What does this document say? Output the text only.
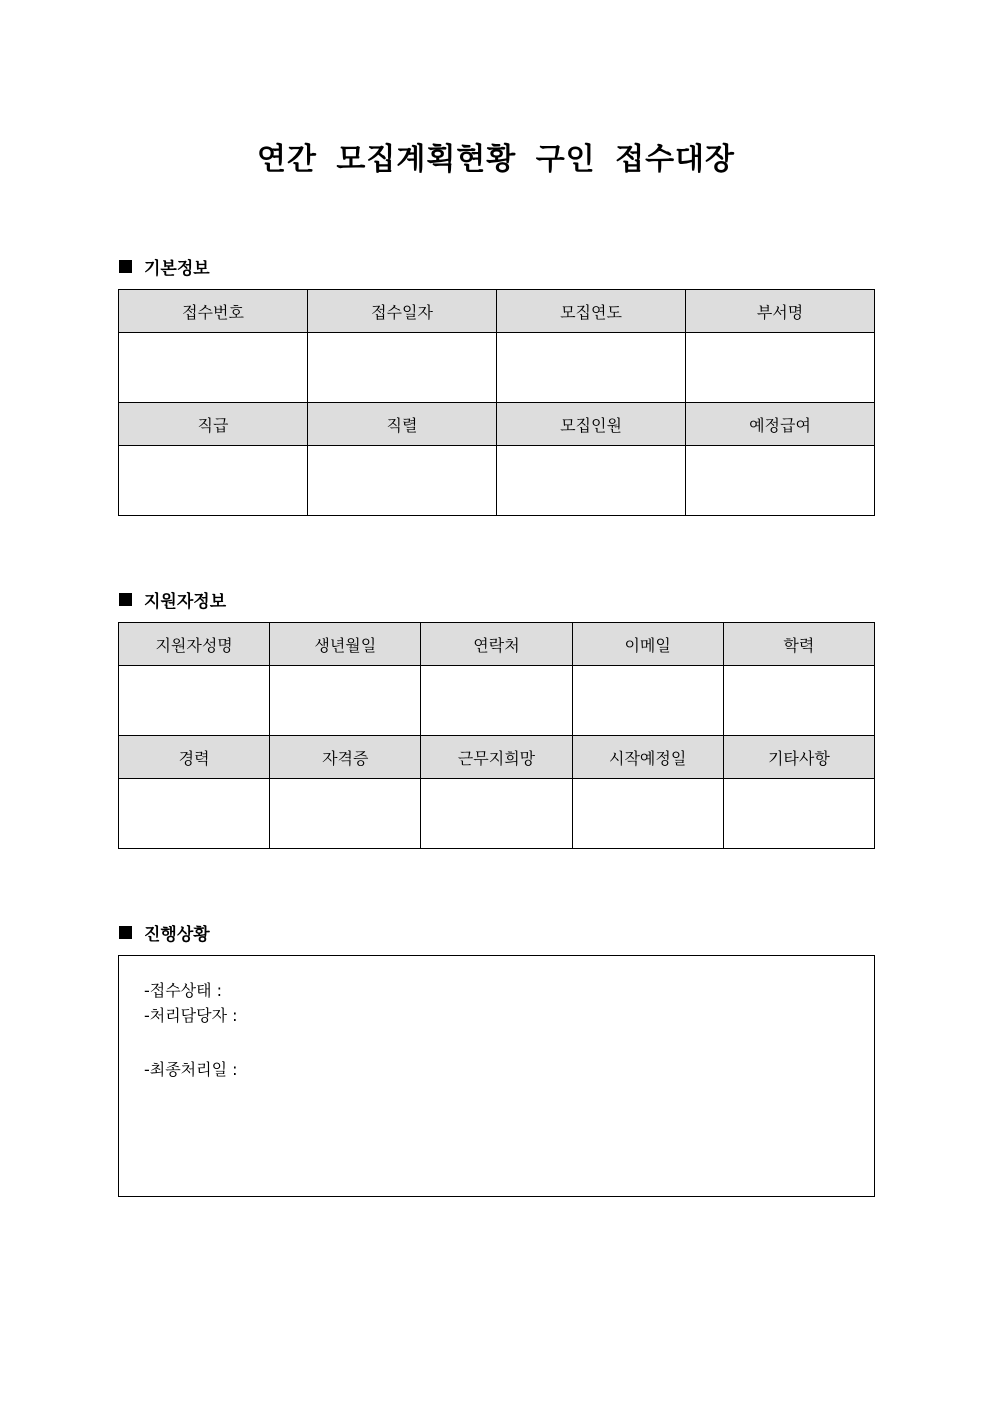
연간 모집계획현황 구인 접수대장
기본정보
접수번호	접수일자	모집연도	부서명

직급	직렬	모집인원	예정급여

지원자정보
지원자성명	생년월일	연락처	이메일	학력

경력	자격증	근무지희망	시작예정일	기타사항

진행상황
-접수상태 :
-처리담당자 :
-최종처리일 :
